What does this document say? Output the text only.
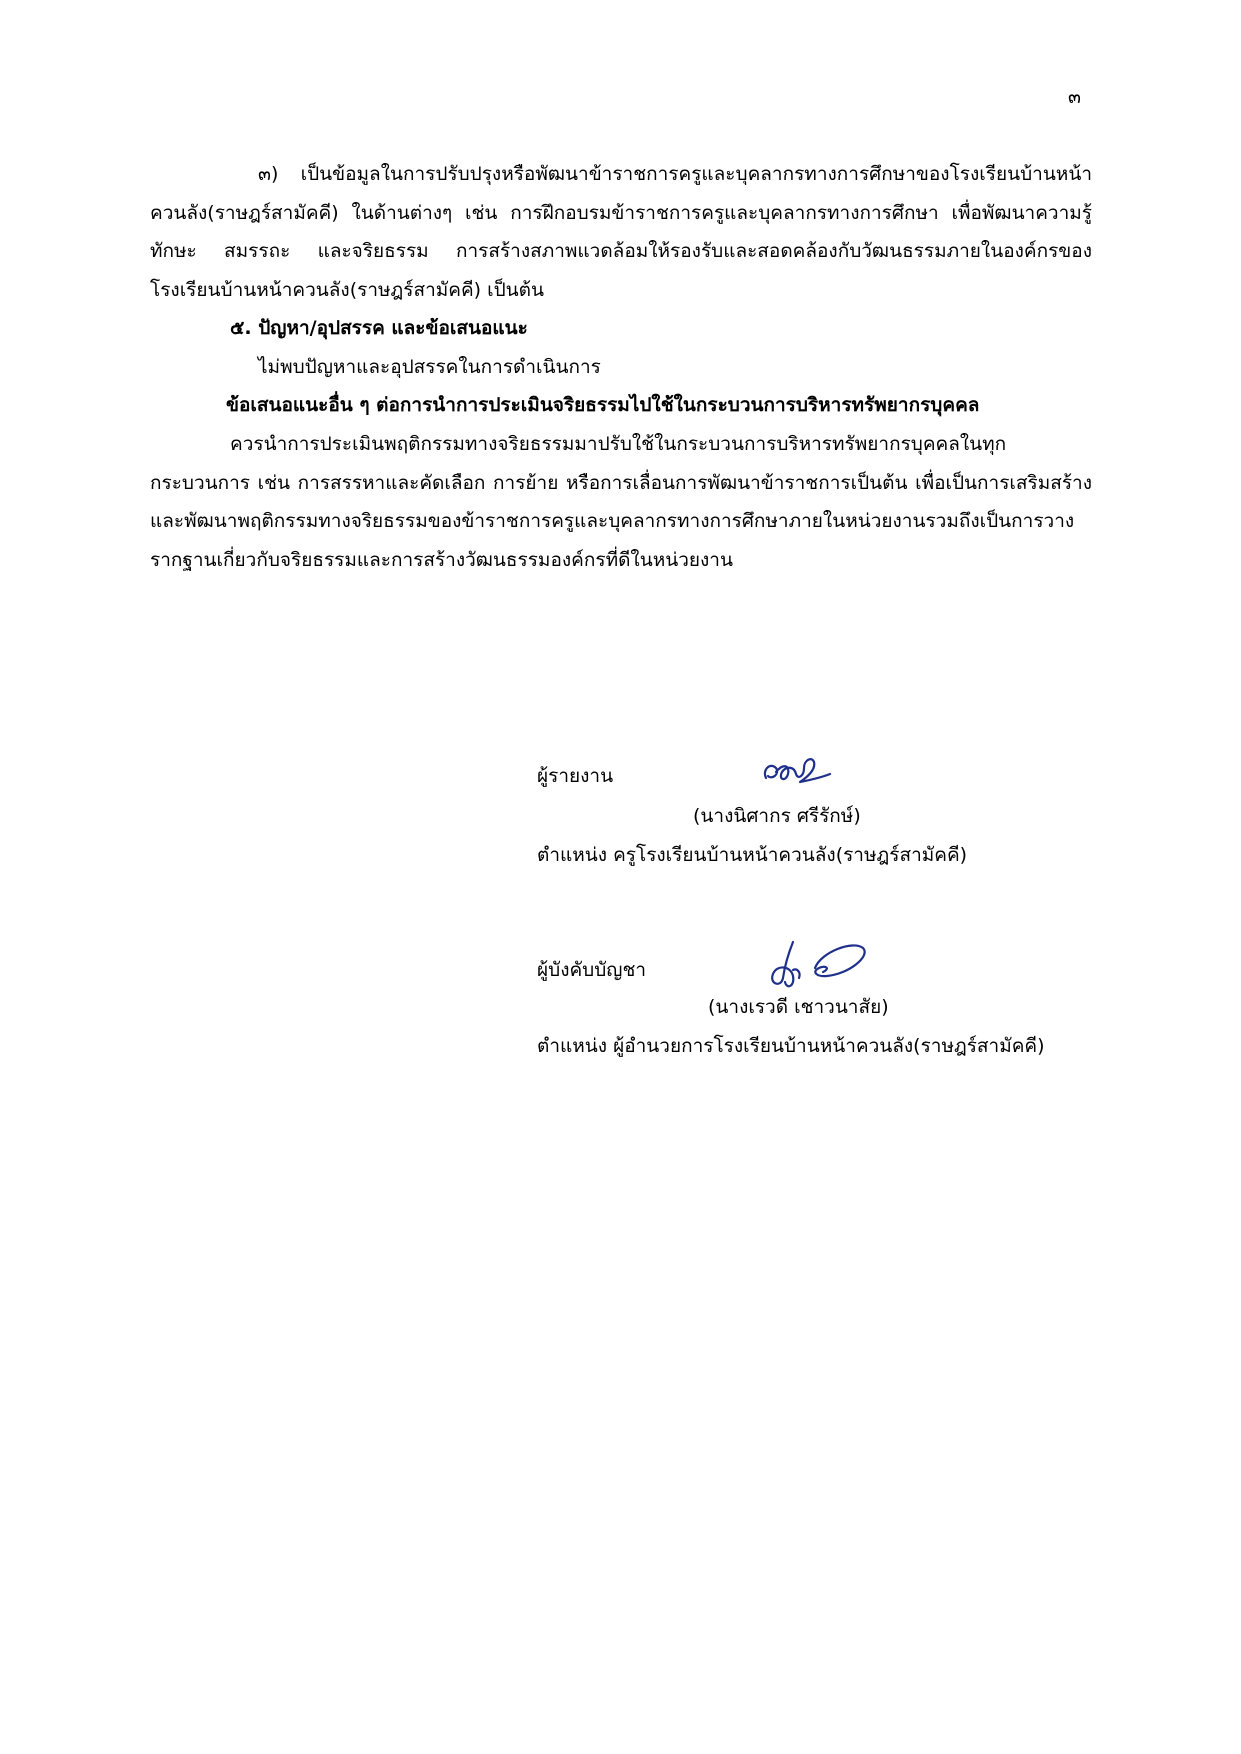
๓

๓) เป็นข้อมูลในการปรับปรุงหรือพัฒนาข้าราชการครูและบุคลากรทางการศึกษาของโรงเรียนบ้านหน้าควนลัง(ราษฎร์สามัคคี) ในด้านต่างๆ เช่น การฝึกอบรมข้าราชการครูและบุคลากรทางการศึกษา เพื่อพัฒนาความรู้ ทักษะ สมรรถะ และจริยธรรม การสร้างสภาพแวดล้อมให้รองรับและสอดคล้องกับวัฒนธรรมภายในองค์กรของโรงเรียนบ้านหน้าควนลัง(ราษฎร์สามัคคี) เป็นต้น

๕. ปัญหา/อุปสรรค และข้อเสนอแนะ

ไม่พบปัญหาและอุปสรรคในการดำเนินการ

ข้อเสนอแนะอื่น ๆ ต่อการนำการประเมินจริยธรรมไปใช้ในกระบวนการบริหารทรัพยากรบุคคล

ควรนำการประเมินพฤติกรรมทางจริยธรรมมาปรับใช้ในกระบวนการบริหารทรัพยากรบุคคลในทุกกระบวนการ เช่น การสรรหาและคัดเลือก การย้าย หรือการเลื่อนการพัฒนาข้าราชการเป็นต้น เพื่อเป็นการเสริมสร้างและพัฒนาพฤติกรรมทางจริยธรรมของข้าราชการครูและบุคลากรทางการศึกษาภายในหน่วยงานรวมถึงเป็นการวางรากฐานเกี่ยวกับจริยธรรมและการสร้างวัฒนธรรมองค์กรที่ดีในหน่วยงาน

ผู้รายงาน
(นางนิศากร ศรีรักษ์)
ตำแหน่ง ครูโรงเรียนบ้านหน้าควนลัง(ราษฎร์สามัคคี)
ผู้บังคับบัญชา
(นางเรวดี เชาวนาสัย)
ตำแหน่ง ผู้อำนวยการโรงเรียนบ้านหน้าควนลัง(ราษฎร์สามัคคี)
